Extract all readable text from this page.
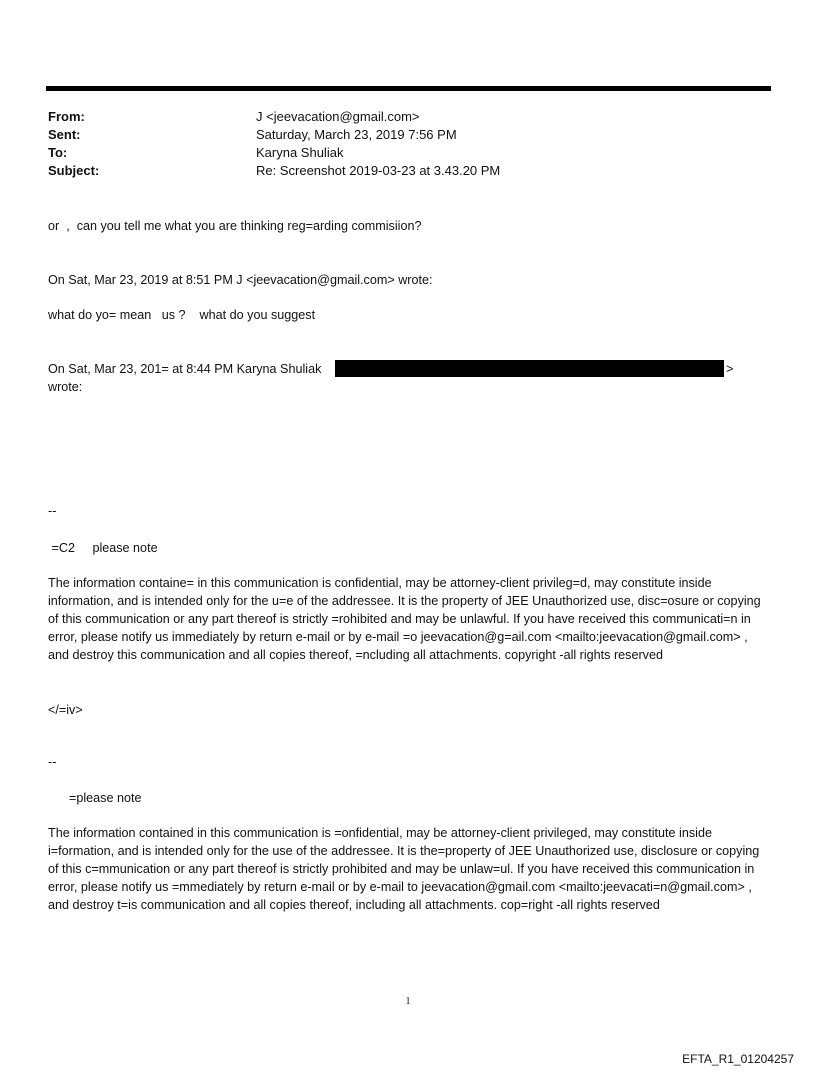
From:	J <jeevacation@gmail.com>
Sent:	Saturday, March 23, 2019 7:56 PM
To:	Karyna Shuliak
Subject:	Re: Screenshot 2019-03-23 at 3.43.20 PM
or  ,  can you tell me what you are thinking reg=arding commisiion?
On Sat, Mar 23, 2019 at 8:51 PM J <jeevacation@gmail.com> wrote:
what do yo= mean   us ?    what do you suggest
On Sat, Mar 23, 201= at 8:44 PM Karyna Shuliak	>
wrote:
--
=C2     please note
The information containe= in this communication is confidential, may be attorney-client privileg=d, may constitute inside information, and is intended only for the u=e of the addressee. It is the property of JEE Unauthorized use, disc=osure or copying of this communication or any part thereof is strictly =rohibited and may be unlawful. If you have received this communicati=n in error, please notify us immediately by return e-mail or by e-mail =o jeevacation@g=ail.com <mailto:jeevacation@gmail.com> , and destroy this communication and all copies thereof, =ncluding all attachments. copyright -all rights reserved
</=iv>
--
=please note
The information contained in this communication is =onfidential, may be attorney-client privileged, may constitute inside i=formation, and is intended only for the use of the addressee. It is the=property of JEE Unauthorized use, disclosure or copying of this c=mmunication or any part thereof is strictly prohibited and may be unlaw=ul. If you have received this communication in error, please notify us =mmediately by return e-mail or by e-mail to jeevacation@gmail.com <mailto:jeevacati=n@gmail.com> , and destroy t=is communication and all copies thereof, including all attachments. cop=right -all rights reserved
1
EFTA_R1_01204257
